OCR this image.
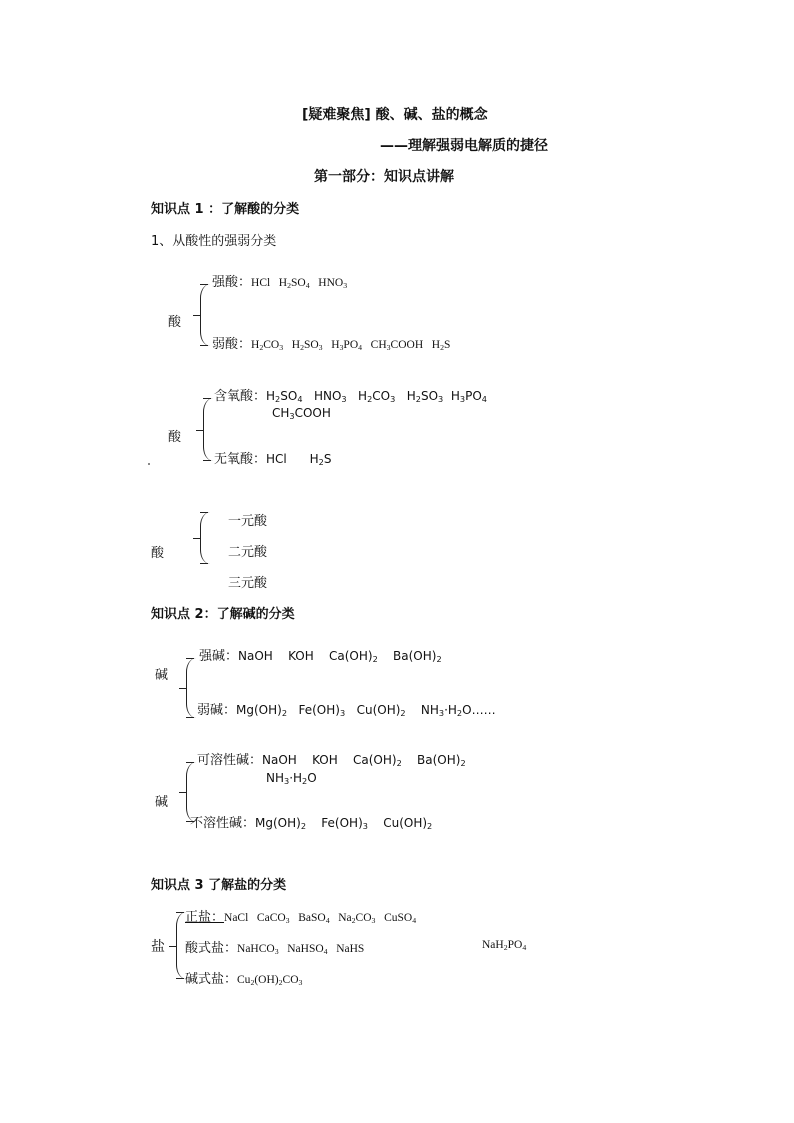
[疑难聚焦] 酸、碱、盐的概念
——理解强弱电解质的捷径
第一部分：知识点讲解
知识点 1 ：了解酸的分类
1、从酸性的强弱分类
酸
强酸：HCl   $H_2SO_4$   $HNO_3$
弱酸：$H_2CO_3$   $H_2SO_3$   $H_3PO_4$   $CH_3COOH$   $H_2S$
酸
含氧酸：$H_2SO_4$   $HNO_3$   $H_2CO_3$   $H_2SO_3$  $H_3PO_4$
$CH_3COOH$
无氧酸：HCl      $H_2S$
酸
一元酸
二元酸
三元酸
知识点 2：了解碱的分类
碱
强碱：NaOH    KOH    $Ca(OH)_2$    $Ba(OH)_2$
弱碱：$Mg(OH)_2$   $Fe(OH)_3$   $Cu(OH)_2$    $NH_3\cdot H_2O\dots\dots$
碱
可溶性碱：NaOH    KOH    $Ca(OH)_2$    $Ba(OH)_2$
$NH_3\cdot H_2O$
不溶性碱：$Mg(OH)_2$    $Fe(OH)_3$    $Cu(OH)_2$
知识点 3 了解盐的分类
盐
正盐：NaCl   CaCO$_3$   BaSO$_4$   $Na_2CO_3$   CuSO$_4$
酸式盐：NaHCO$_3$   NaHSO$_4$   NaHS	$NaH_2PO_4$
碱式盐：$Cu_2(OH)_2CO_3$
